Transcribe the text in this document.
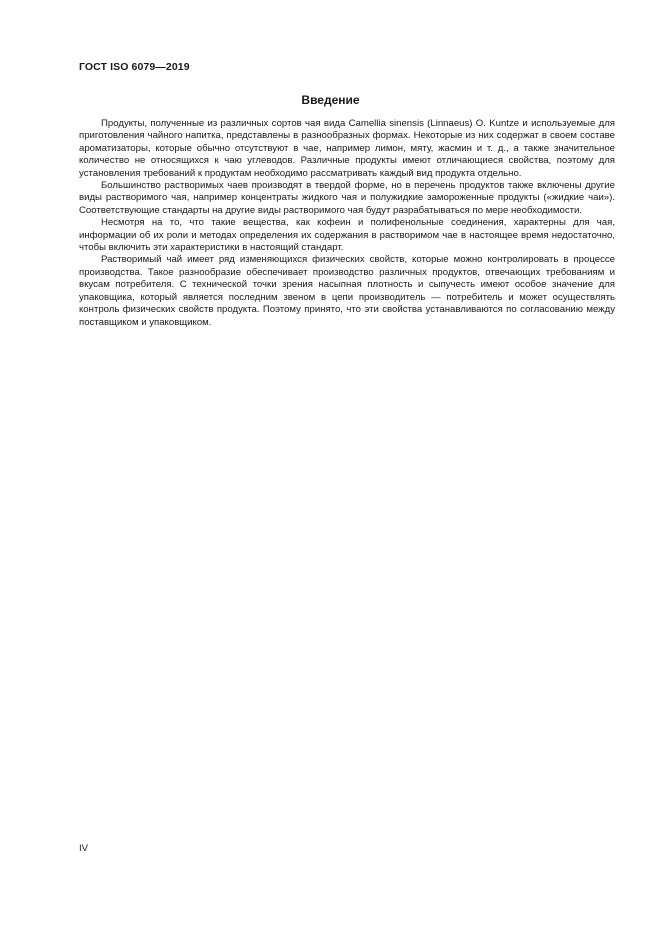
ГОСТ ISO 6079—2019
Введение

Продукты, полученные из различных сортов чая вида Camellia sinensis (Linnaeus) O. Kuntze и используемые для приготовления чайного напитка, представлены в разнообразных формах. Некоторые из них содержат в своем составе ароматизаторы, которые обычно отсутствуют в чае, например лимон, мяту, жасмин и т. д., а также значительное количество не относящихся к чаю углеводов. Различные продукты имеют отличающиеся свойства, поэтому для установления требований к продуктам необходимо рассматривать каждый вид продукта отдельно.

Большинство растворимых чаев производят в твердой форме, но в перечень продуктов также включены другие виды растворимого чая, например концентраты жидкого чая и полужидкие замороженные продукты («жидкие чаи»). Соответствующие стандарты на другие виды растворимого чая будут разрабатываться по мере необходимости.

Несмотря на то, что такие вещества, как кофеин и полифенольные соединения, характерны для чая, информации об их роли и методах определения их содержания в растворимом чае в настоящее время недостаточно, чтобы включить эти характеристики в настоящий стандарт.

Растворимый чай имеет ряд изменяющихся физических свойств, которые можно контролировать в процессе производства. Такое разнообразие обеспечивает производство различных продуктов, отвечающих требованиям и вкусам потребителя. С технической точки зрения насыпная плотность и сыпучесть имеют особое значение для упаковщика, который является последним звеном в цепи производитель — потребитель и может осуществлять контроль физических свойств продукта. Поэтому принято, что эти свойства устанавливаются по согласованию между поставщиком и упаковщиком.

IV
